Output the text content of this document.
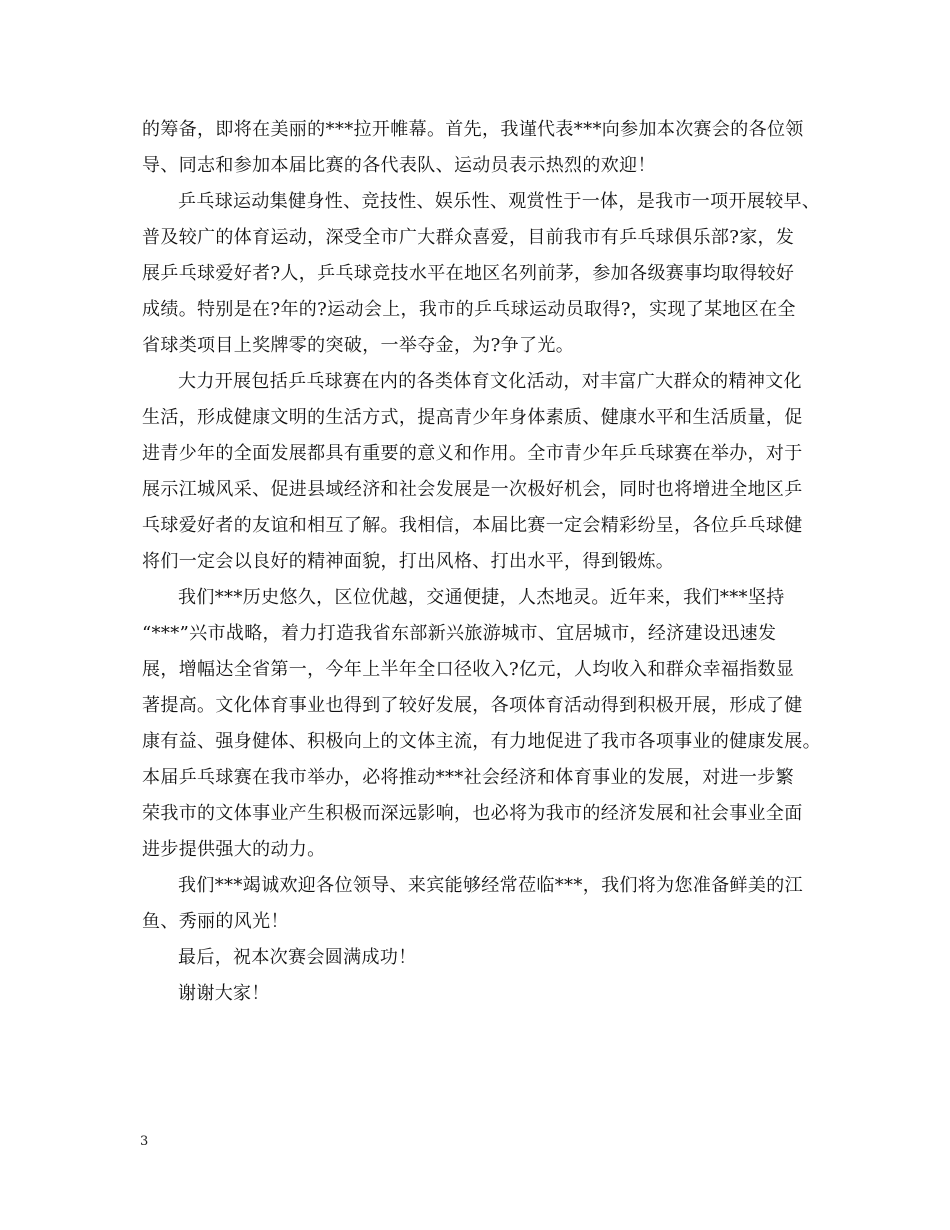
的筹备，即将在美丽的***拉开帷幕。首先，我谨代表***向参加本次赛会的各位领
导、同志和参加本届比赛的各代表队、运动员表示热烈的欢迎！
乒乓球运动集健身性、竞技性、娱乐性、观赏性于一体，是我市一项开展较早、
普及较广的体育运动，深受全市广大群众喜爱，目前我市有乒乓球俱乐部?家，发
展乒乓球爱好者?人，乒乓球竞技水平在地区名列前茅，参加各级赛事均取得较好
成绩。特别是在?年的?运动会上，我市的乒乓球运动员取得?，实现了某地区在全
省球类项目上奖牌零的突破，一举夺金，为?争了光。
大力开展包括乒乓球赛在内的各类体育文化活动，对丰富广大群众的精神文化
生活，形成健康文明的生活方式，提高青少年身体素质、健康水平和生活质量，促
进青少年的全面发展都具有重要的意义和作用。全市青少年乒乓球赛在举办，对于
展示江城风采、促进县域经济和社会发展是一次极好机会，同时也将增进全地区乒
乓球爱好者的友谊和相互了解。我相信，本届比赛一定会精彩纷呈，各位乒乓球健
将们一定会以良好的精神面貌，打出风格、打出水平，得到锻炼。
我们***历史悠久，区位优越，交通便捷，人杰地灵。近年来，我们***坚持
“***”兴市战略，着力打造我省东部新兴旅游城市、宜居城市，经济建设迅速发
展，增幅达全省第一，今年上半年全口径收入?亿元，人均收入和群众幸福指数显
著提高。文化体育事业也得到了较好发展，各项体育活动得到积极开展，形成了健
康有益、强身健体、积极向上的文体主流，有力地促进了我市各项事业的健康发展。
本届乒乓球赛在我市举办，必将推动***社会经济和体育事业的发展，对进一步繁
荣我市的文体事业产生积极而深远影响，也必将为我市的经济发展和社会事业全面
进步提供强大的动力。
我们***竭诚欢迎各位领导、来宾能够经常莅临***，我们将为您准备鲜美的江
鱼、秀丽的风光！
最后，祝本次赛会圆满成功！
谢谢大家！
3
